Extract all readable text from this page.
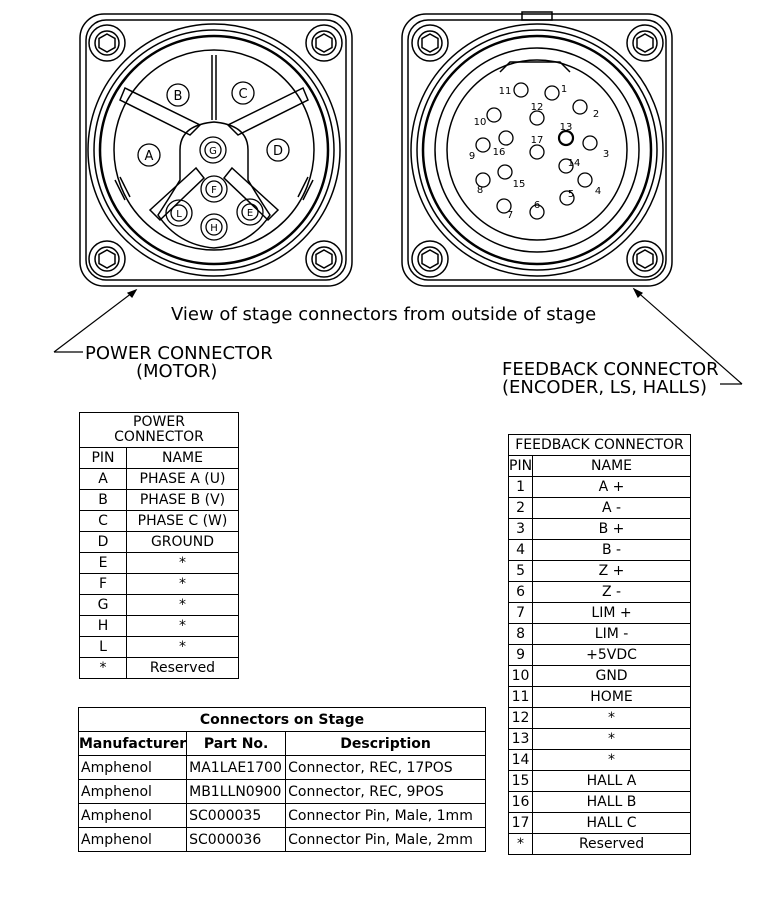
A
B	C
D
G
F
E
H
L
1
2
3
4
5
6
7
8
9
10
11
12
13
14
15
16
17
View of stage connectors from outside of stage
POWER CONNECTOR
(MOTOR)	FEEDBACK CONNECTOR
(ENCODER, LS, HALLS)
POWER
CONNECTOR	
PIN	NAME
A	PHASE A (U)
B	PHASE B (V)
C	PHASE C (W)
D	GROUND
E	*
F	*
G	*
H	*
L	*
*	Reserved
FEEDBACK CONNECTOR	
PIN	NAME
1	A +
2	A -
3	B +
4	B -
5	Z +
6	Z -
7	LIM +
8	LIM -
9	+5VDC
10	GND
11	HOME
12	*
13	*
14	*
15	HALL A
16	HALL B
17	HALL C
*	Reserved
Connectors on Stage		
Manufacturer	Part No.	Description
Amphenol	MA1LAE1700	Connector, REC, 17POS
Amphenol	MB1LLN0900	Connector, REC, 9POS
Amphenol	SC000035	Connector Pin, Male, 1mm
Amphenol	SC000036	Connector Pin, Male, 2mm
